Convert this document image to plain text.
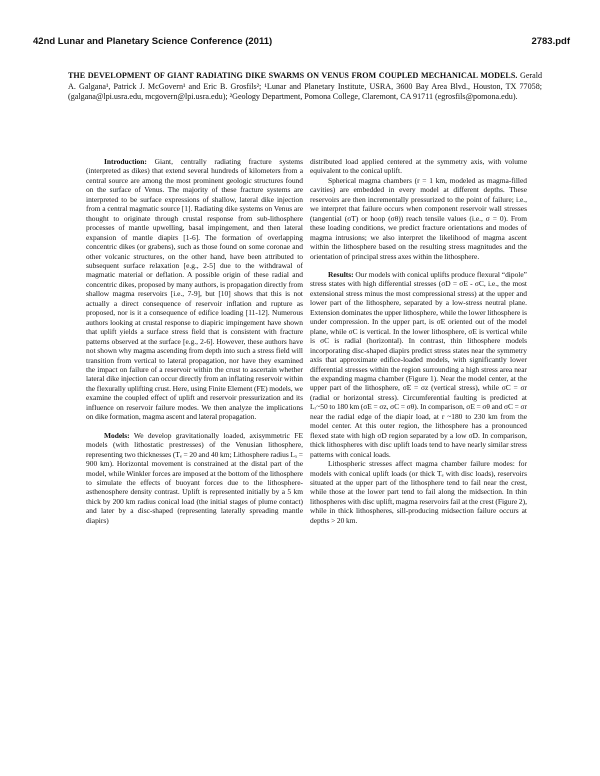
42nd Lunar and Planetary Science Conference (2011)	2783.pdf
THE DEVELOPMENT OF GIANT RADIATING DIKE SWARMS ON VENUS FROM COUPLED MECHANICAL MODELS. Gerald A. Galgana¹, Patrick J. McGovern¹ and Eric B. Grosfils²; ¹Lunar and Planetary Institute, USRA, 3600 Bay Area Blvd., Houston, TX 77058; (galgana@lpi.usra.edu, mcgovern@lpi.usra.edu); ²Geology Department, Pomona College, Claremont, CA 91711 (egrosfils@pomona.edu).

Introduction: Giant, centrally radiating fracture systems (interpreted as dikes) that extend several hundreds of kilometers from a central source are among the most prominent geologic structures found on the surface of Venus. The majority of these fracture systems are interpreted to be surface expressions of shallow, lateral dike injection from a central magmatic source [1]. Radiating dike systems on Venus are thought to originate through crustal response from sub-lithosphere processes of mantle upwelling, basal impingement, and then lateral expansion of mantle diapirs [1-6]. The formation of overlapping concentric dikes (or grabens), such as those found on some coronae and other volcanic structures, on the other hand, have been attributed to subsequent surface relaxation [e.g., 2-5] due to the withdrawal of magmatic material or deflation. A possible origin of these radial and concentric dikes, proposed by many authors, is propagation directly from shallow magma reservoirs [i.e., 7-9], but [10] shows that this is not actually a direct consequence of reservoir inflation and rupture as proposed, nor is it a consequence of edifice loading [11-12]. Numerous authors looking at crustal response to diapiric impingement have shown that uplift yields a surface stress field that is consistent with fracture patterns observed at the surface [e.g., 2-6]. However, these authors have not shown why magma ascending from depth into such a stress field will transition from vertical to lateral propagation, nor have they examined the impact on failure of a reservoir within the crust to ascertain whether lateral dike injection can occur directly from an inflating reservoir within the flexurally uplifting crust. Here, using Finite Element (FE) models, we examine the coupled effect of uplift and reservoir pressurization and its influence on reservoir failure modes. We then analyze the implications on dike formation, magma ascent and lateral propagation.

Models: We develop gravitationally loaded, axisymmetric FE models (with lithostatic prestresses) of the Venusian lithosphere, representing two thicknesses (Tₑ = 20 and 40 km; Lithosphere radius Lₓ = 900 km). Horizontal movement is constrained at the distal part of the model, while Winkler forces are imposed at the bottom of the lithosphere to simulate the effects of buoyant forces due to the lithosphere-asthenosphere density contrast. Uplift is represented initially by a 5 km thick by 200 km radius conical load (the initial stages of plume contact) and later by a disc-shaped (representing laterally spreading mantle diapirs)

distributed load applied centered at the symmetry axis, with volume equivalent to the conical uplift.

Spherical magma chambers (r = 1 km, modeled as magma-filled cavities) are embedded in every model at different depths. These reservoirs are then incrementally pressurized to the point of failure; i.e., we interpret that failure occurs when component reservoir wall stresses (tangential (σT) or hoop (σθ)) reach tensile values (i.e., σ = 0). From these loading conditions, we predict fracture orientations and modes of magma intrusions; we also interpret the likelihood of magma ascent within the lithosphere based on the resulting stress magnitudes and the orientation of principal stress axes within the lithosphere.

Results: Our models with conical uplifts produce flexural “dipole” stress states with high differential stresses (σD = σE - σC, i.e., the most extensional stress minus the most compressional stress) at the upper and lower part of the lithosphere, separated by a low-stress neutral plane. Extension dominates the upper lithosphere, while the lower lithosphere is under compression. In the upper part, is σE oriented out of the model plane, while σC is vertical. In the lower lithosphere, σE is vertical while is σC is radial (horizontal). In contrast, thin lithosphere models incorporating disc-shaped diapirs predict stress states near the symmetry axis that approximate edifice-loaded models, with significantly lower differential stresses within the region surrounding a high stress area near the expanding magma chamber (Figure 1). Near the model center, at the upper part of the lithosphere, σE = σz (vertical stress), while σC = σr (radial or horizontal stress). Circumferential faulting is predicted at Lᵣ~50 to 180 km (σE = σz, σC = σθ). In comparison, σE = σθ and σC = σr near the radial edge of the diapir load, at r ~180 to 230 km from the model center. At this outer region, the lithosphere has a pronounced flexed state with high σD region separated by a low σD. In comparison, thick lithospheres with disc uplift loads tend to have nearly similar stress patterns with conical loads.

Lithospheric stresses affect magma chamber failure modes: for models with conical uplift loads (or thick Tₑ with disc loads), reservoirs situated at the upper part of the lithosphere tend to fail near the crest, while those at the lower part tend to fail along the midsection. In thin lithospheres with disc uplift, magma reservoirs fail at the crest (Figure 2), while in thick lithospheres, sill-producing midsection failure occurs at depths > 20 km.
